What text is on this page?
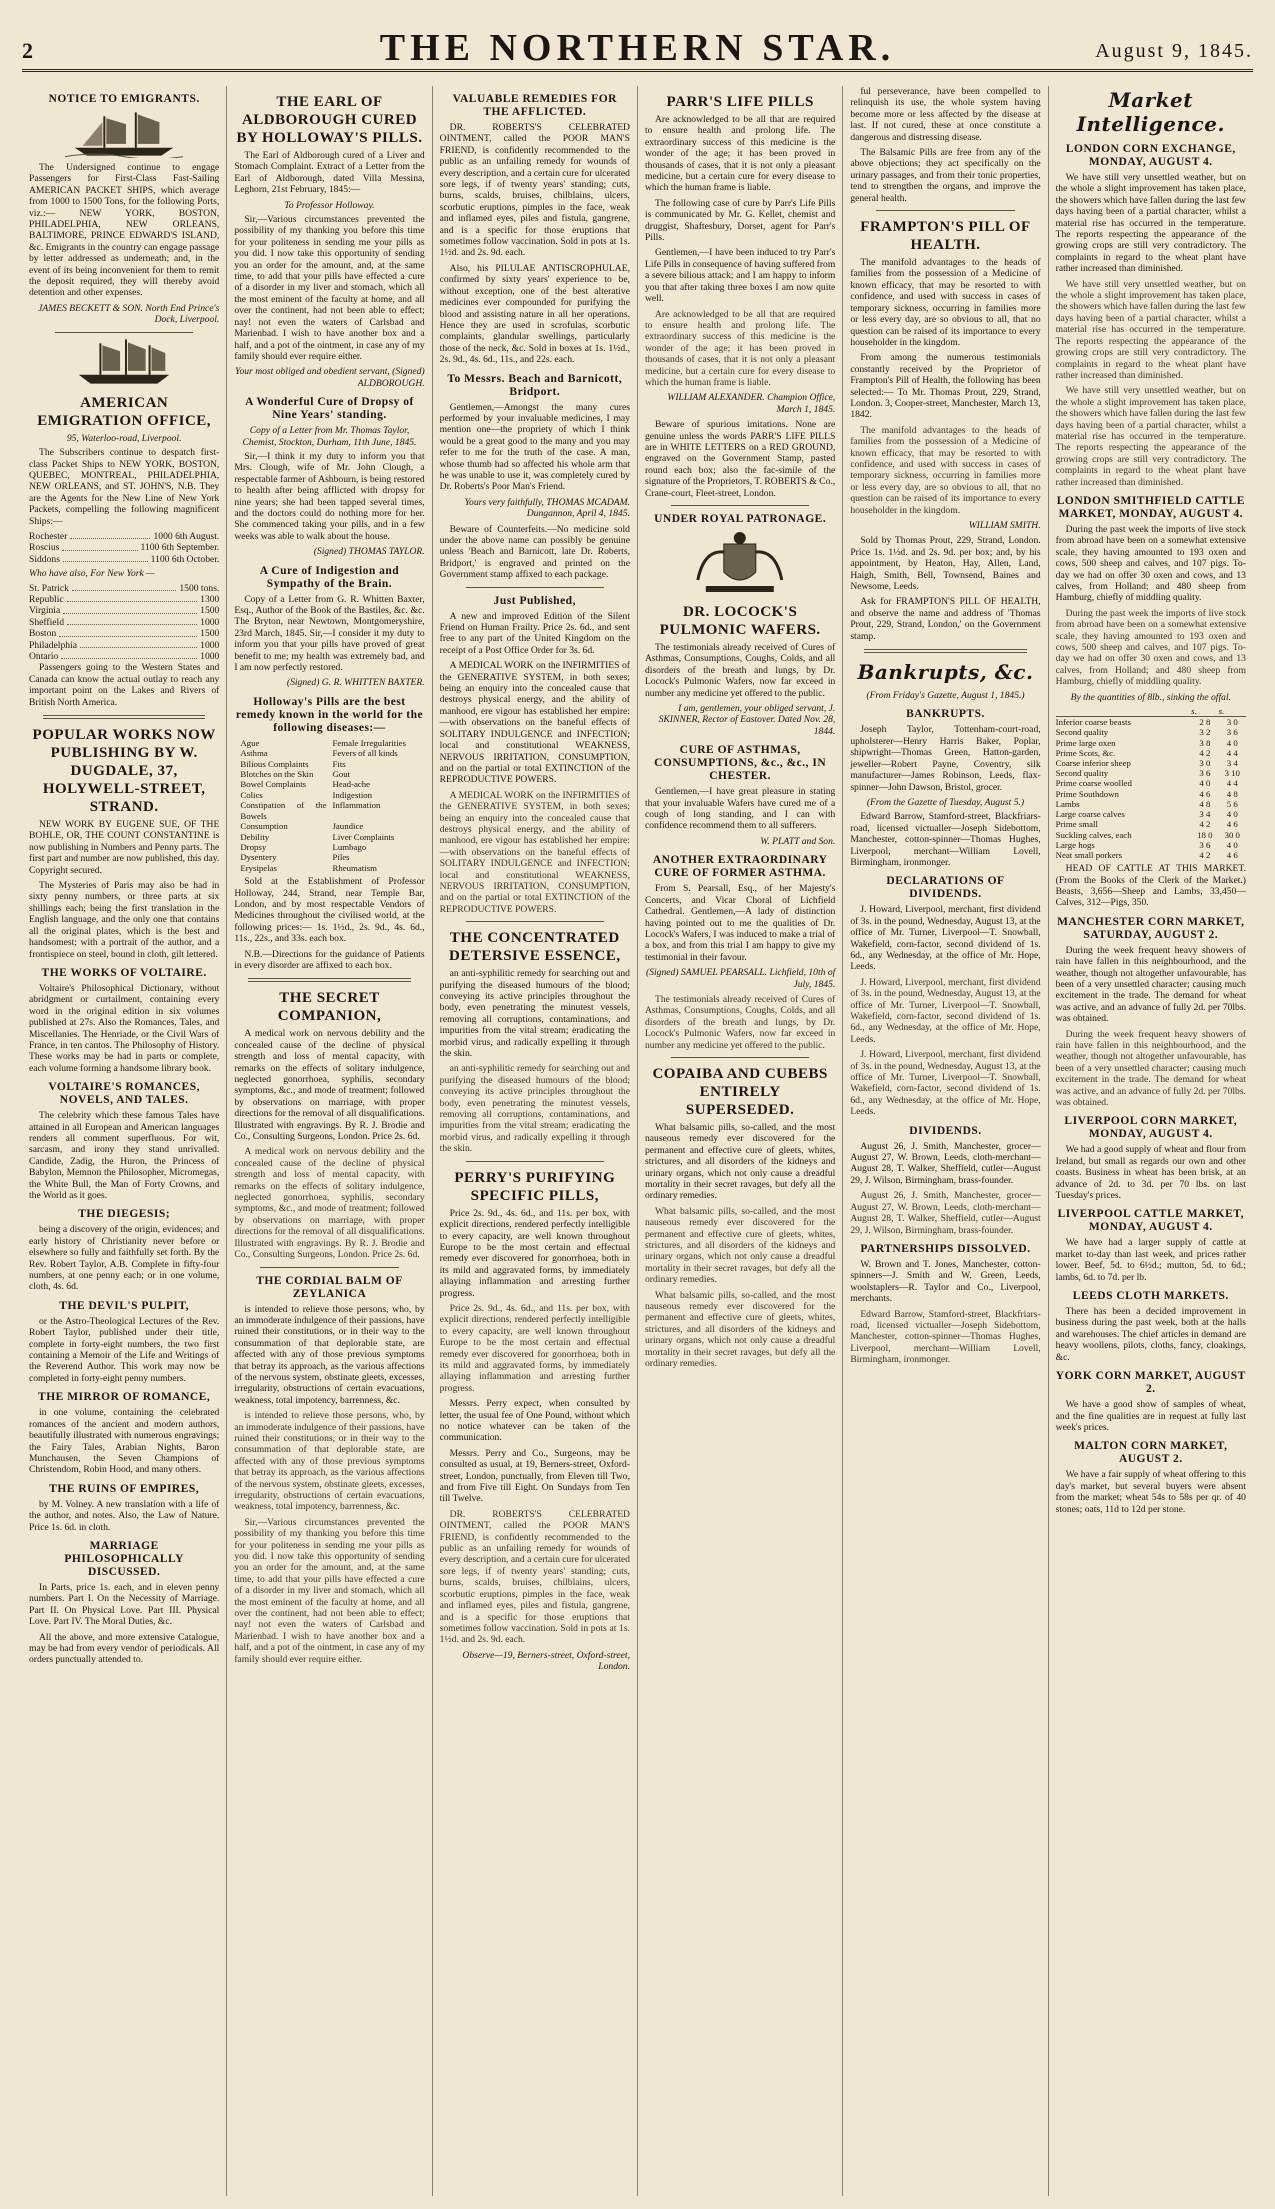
2	THE NORTHERN STAR.	August 9, 1845.
NOTICE TO EMIGRANTS.

The Undersigned continue to engage Passengers for First-Class Fast-Sailing AMERICAN PACKET SHIPS, which average from 1000 to 1500 Tons, for the following Ports, viz.:— NEW YORK, BOSTON, PHILADELPHIA, NEW ORLEANS, BALTIMORE, PRINCE EDWARD'S ISLAND, &c. Emigrants in the country can engage passage by letter addressed as underneath; and, in the event of its being inconvenient for them to remit the deposit required, they will thereby avoid detention and other expenses.

JAMES BECKETT & SON. North End Prince's Dock, Liverpool.
AMERICAN EMIGRATION OFFICE,
95, Waterloo-road, Liverpool.

The Subscribers continue to despatch first-class Packet Ships to NEW YORK, BOSTON, QUEBEC, MONTREAL, PHILADELPHIA, NEW ORLEANS, and ST. JOHN'S, N.B. They are the Agents for the New Line of New York Packets, compelling the following magnificent Ships:—

Rochester	1000
6th August.
Roscius	1100
6th September.
Siddons	1100
6th October.
Who have also, For New York —
St. Patrick	1500 tons.
Republic	1300
Virginia	1500
Sheffield	1000
Boston	1500
Philadelphia	1000
Ontario	1000

Passengers going to the Western States and Canada can know the actual outlay to reach any important point on the Lakes and Rivers of British North America.

POPULAR WORKS NOW PUBLISHING BY W. DUGDALE, 37, HOLYWELL-STREET, STRAND.

NEW WORK BY EUGENE SUE, OF THE BOHLE, OR, THE COUNT CONSTANTINE is now publishing in Numbers and Penny parts. The first part and number are now published, this day. Copyright secured.

The Mysteries of Paris may also be had in sixty penny numbers, or three parts at six shillings each; being the first translation in the English language, and the only one that contains all the original plates, which is the best and handsomest; with a portrait of the author, and a frontispiece on steel, bound in cloth, gilt lettered.

THE WORKS OF VOLTAIRE.

Voltaire's Philosophical Dictionary, without abridgment or curtailment, containing every word in the original edition in six volumes published at 27s. Also the Romances, Tales, and Miscellanies. The Henriade, or the Civil Wars of France, in ten cantos. The Philosophy of History. These works may be had in parts or complete, each volume forming a handsome library book.

VOLTAIRE'S ROMANCES, NOVELS, AND TALES.

The celebrity which these famous Tales have attained in all European and American languages renders all comment superfluous. For wit, sarcasm, and irony they stand unrivalled. Candide, Zadig, the Huron, the Princess of Babylon, Memnon the Philosopher, Micromegas, the White Bull, the Man of Forty Crowns, and the World as it goes.

THE DIEGESIS;

being a discovery of the origin, evidences, and early history of Christianity never before or elsewhere so fully and faithfully set forth. By the Rev. Robert Taylor, A.B. Complete in fifty-four numbers, at one penny each; or in one volume, cloth, 4s. 6d.

THE DEVIL'S PULPIT,

or the Astro-Theological Lectures of the Rev. Robert Taylor, published under their title, complete in forty-eight numbers, the two first containing a Memoir of the Life and Writings of the Reverend Author. This work may now be completed in forty-eight penny numbers.

THE MIRROR OF ROMANCE,

in one volume, containing the celebrated romances of the ancient and modern authors, beautifully illustrated with numerous engravings; the Fairy Tales, Arabian Nights, Baron Munchausen, the Seven Champions of Christendom, Robin Hood, and many others.

THE RUINS OF EMPIRES,

by M. Volney. A new translation with a life of the author, and notes. Also, the Law of Nature. Price 1s. 6d. in cloth.

MARRIAGE PHILOSOPHICALLY DISCUSSED.

In Parts, price 1s. each, and in eleven penny numbers. Part I. On the Necessity of Marriage. Part II. On Physical Love. Part III. Physical Love. Part IV. The Moral Duties, &c.

All the above, and more extensive Catalogue, may be had from every vendor of periodicals. All orders punctually attended to.

THE EARL OF ALDBOROUGH CURED BY HOLLOWAY'S PILLS.

The Earl of Aldborough cured of a Liver and Stomach Complaint. Extract of a Letter from the Earl of Aldborough, dated Villa Messina, Leghorn, 21st February, 1845:—

To Professor Holloway.

Sir,—Various circumstances prevented the possibility of my thanking you before this time for your politeness in sending me your pills as you did. I now take this opportunity of sending you an order for the amount, and, at the same time, to add that your pills have effected a cure of a disorder in my liver and stomach, which all the most eminent of the faculty at home, and all over the continent, had not been able to effect; nay! not even the waters of Carlsbad and Marienbad. I wish to have another box and a half, and a pot of the ointment, in case any of my family should ever require either.

Your most obliged and obedient servant, (Signed) ALDBOROUGH.
A Wonderful Cure of Dropsy of Nine Years' standing.
Copy of a Letter from Mr. Thomas Taylor, Chemist, Stockton, Durham, 11th June, 1845.

Sir,—I think it my duty to inform you that Mrs. Clough, wife of Mr. John Clough, a respectable farmer of Ashbourn, is being restored to health after being afflicted with dropsy for nine years; she had been tapped several times, and the doctors could do nothing more for her. She commenced taking your pills, and in a few weeks was able to walk about the house.

(Signed) THOMAS TAYLOR.
A Cure of Indigestion and Sympathy of the Brain.

Copy of a Letter from G. R. Whitten Baxter, Esq., Author of the Book of the Bastiles, &c. &c. The Bryton, near Newtown, Montgomeryshire, 23rd March, 1845. Sir,—I consider it my duty to inform you that your pills have proved of great benefit to me; my health was extremely bad, and I am now perfectly restored.

(Signed) G. R. WHITTEN BAXTER.
Holloway's Pills are the best remedy known in the world for the following diseases:—
Ague	Female Irregularities
Asthma	Fevers of all kinds
Bilious Complaints	Fits
Blotches on the Skin	Gout
Bowel Complaints	Head-ache
Colics	Indigestion
Constipation of the Bowels
Inflammation
Consumption	Jaundice
Debility	Liver Complaints
Dropsy	Lumbago
Dysentery	Piles
Erysipelas	Rheumatism

Sold at the Establishment of Professor Holloway, 244, Strand, near Temple Bar, London, and by most respectable Vendors of Medicines throughout the civilised world, at the following prices:— 1s. 1½d., 2s. 9d., 4s. 6d., 11s., 22s., and 33s. each box.

N.B.—Directions for the guidance of Patients in every disorder are affixed to each box.

THE SECRET COMPANION,

A medical work on nervous debility and the concealed cause of the decline of physical strength and loss of mental capacity, with remarks on the effects of solitary indulgence, neglected gonorrhoea, syphilis, secondary symptoms, &c., and mode of treatment; followed by observations on marriage, with proper directions for the removal of all disqualifications. Illustrated with engravings. By R. J. Brodie and Co., Consulting Surgeons, London. Price 2s. 6d.

A medical work on nervous debility and the concealed cause of the decline of physical strength and loss of mental capacity, with remarks on the effects of solitary indulgence, neglected gonorrhoea, syphilis, secondary symptoms, &c., and mode of treatment; followed by observations on marriage, with proper directions for the removal of all disqualifications. Illustrated with engravings. By R. J. Brodie and Co., Consulting Surgeons, London. Price 2s. 6d.

THE CORDIAL BALM OF ZEYLANICA

is intended to relieve those persons, who, by an immoderate indulgence of their passions, have ruined their constitutions, or in their way to the consummation of that deplorable state, are affected with any of those previous symptoms that betray its approach, as the various affections of the nervous system, obstinate gleets, excesses, irregularity, obstructions of certain evacuations, weakness, total impotency, barrenness, &c.

is intended to relieve those persons, who, by an immoderate indulgence of their passions, have ruined their constitutions, or in their way to the consummation of that deplorable state, are affected with any of those previous symptoms that betray its approach, as the various affections of the nervous system, obstinate gleets, excesses, irregularity, obstructions of certain evacuations, weakness, total impotency, barrenness, &c.

Sir,—Various circumstances prevented the possibility of my thanking you before this time for your politeness in sending me your pills as you did. I now take this opportunity of sending you an order for the amount, and, at the same time, to add that your pills have effected a cure of a disorder in my liver and stomach, which all the most eminent of the faculty at home, and all over the continent, had not been able to effect; nay! not even the waters of Carlsbad and Marienbad. I wish to have another box and a half, and a pot of the ointment, in case any of my family should ever require either.

VALUABLE REMEDIES FOR THE AFFLICTED.

DR. ROBERTS'S CELEBRATED OINTMENT, called the POOR MAN'S FRIEND, is confidently recommended to the public as an unfailing remedy for wounds of every description, and a certain cure for ulcerated sore legs, if of twenty years' standing; cuts, burns, scalds, bruises, chilblains, ulcers, scorbutic eruptions, pimples in the face, weak and inflamed eyes, piles and fistula, gangrene, and is a specific for those eruptions that sometimes follow vaccination. Sold in pots at 1s. 1½d. and 2s. 9d. each.

Also, his PILULAE ANTISCROPHULAE, confirmed by sixty years' experience to be, without exception, one of the best alterative medicines ever compounded for purifying the blood and assisting nature in all her operations. Hence they are used in scrofulas, scorbutic complaints, glandular swellings, particularly those of the neck, &c. Sold in boxes at 1s. 1½d., 2s. 9d., 4s. 6d., 11s., and 22s. each.

To Messrs. Beach and Barnicott, Bridport.

Gentlemen,—Amongst the many cures performed by your invaluable medicines, I may mention one—the propriety of which I think would be a great good to the many and you may refer to me for the truth of the case. A man, whose thumb had so affected his whole arm that he was unable to use it, was completely cured by Dr. Roberts's Poor Man's Friend.

Yours very faithfully, THOMAS MCADAM. Dungannon, April 4, 1845.

Beware of Counterfeits.—No medicine sold under the above name can possibly be genuine unless 'Beach and Barnicott, late Dr. Roberts, Bridport,' is engraved and printed on the Government stamp affixed to each package.

Just Published,

A new and improved Edition of the Silent Friend on Human Frailty. Price 2s. 6d., and sent free to any part of the United Kingdom on the receipt of a Post Office Order for 3s. 6d.

A MEDICAL WORK on the INFIRMITIES of the GENERATIVE SYSTEM, in both sexes; being an enquiry into the concealed cause that destroys physical energy, and the ability of manhood, ere vigour has established her empire:—with observations on the baneful effects of SOLITARY INDULGENCE and INFECTION; local and constitutional WEAKNESS, NERVOUS IRRITATION, CONSUMPTION, and on the partial or total EXTINCTION of the REPRODUCTIVE POWERS.

A MEDICAL WORK on the INFIRMITIES of the GENERATIVE SYSTEM, in both sexes; being an enquiry into the concealed cause that destroys physical energy, and the ability of manhood, ere vigour has established her empire:—with observations on the baneful effects of SOLITARY INDULGENCE and INFECTION; local and constitutional WEAKNESS, NERVOUS IRRITATION, CONSUMPTION, and on the partial or total EXTINCTION of the REPRODUCTIVE POWERS.

THE CONCENTRATED DETERSIVE ESSENCE,

an anti-syphilitic remedy for searching out and purifying the diseased humours of the blood; conveying its active principles throughout the body, even penetrating the minutest vessels, removing all corruptions, contaminations, and impurities from the vital stream; eradicating the morbid virus, and radically expelling it through the skin.

an anti-syphilitic remedy for searching out and purifying the diseased humours of the blood; conveying its active principles throughout the body, even penetrating the minutest vessels, removing all corruptions, contaminations, and impurities from the vital stream; eradicating the morbid virus, and radically expelling it through the skin.

PERRY'S PURIFYING SPECIFIC PILLS,

Price 2s. 9d., 4s. 6d., and 11s. per box, with explicit directions, rendered perfectly intelligible to every capacity, are well known throughout Europe to be the most certain and effectual remedy ever discovered for gonorrhoea, both in its mild and aggravated forms, by immediately allaying inflammation and arresting further progress.

Price 2s. 9d., 4s. 6d., and 11s. per box, with explicit directions, rendered perfectly intelligible to every capacity, are well known throughout Europe to be the most certain and effectual remedy ever discovered for gonorrhoea, both in its mild and aggravated forms, by immediately allaying inflammation and arresting further progress.

Messrs. Perry expect, when consulted by letter, the usual fee of One Pound, without which no notice whatever can be taken of the communication.

Messrs. Perry and Co., Surgeons, may be consulted as usual, at 19, Berners-street, Oxford-street, London, punctually, from Eleven till Two, and from Five till Eight. On Sundays from Ten till Twelve.

DR. ROBERTS'S CELEBRATED OINTMENT, called the POOR MAN'S FRIEND, is confidently recommended to the public as an unfailing remedy for wounds of every description, and a certain cure for ulcerated sore legs, if of twenty years' standing; cuts, burns, scalds, bruises, chilblains, ulcers, scorbutic eruptions, pimples in the face, weak and inflamed eyes, piles and fistula, gangrene, and is a specific for those eruptions that sometimes follow vaccination. Sold in pots at 1s. 1½d. and 2s. 9d. each.

Observe—19, Berners-street, Oxford-street, London.
PARR'S LIFE PILLS

Are acknowledged to be all that are required to ensure health and prolong life. The extraordinary success of this medicine is the wonder of the age; it has been proved in thousands of cases, that it is not only a pleasant medicine, but a certain cure for every disease to which the human frame is liable.

The following case of cure by Parr's Life Pills is communicated by Mr. G. Kellet, chemist and druggist, Shaftesbury, Dorset, agent for Parr's Pills.

Gentlemen,—I have been induced to try Parr's Life Pills in consequence of having suffered from a severe bilious attack; and I am happy to inform you that after taking three boxes I am now quite well.

Are acknowledged to be all that are required to ensure health and prolong life. The extraordinary success of this medicine is the wonder of the age; it has been proved in thousands of cases, that it is not only a pleasant medicine, but a certain cure for every disease to which the human frame is liable.

WILLIAM ALEXANDER. Champion Office, March 1, 1845.

Beware of spurious imitations. None are genuine unless the words PARR'S LIFE PILLS are in WHITE LETTERS on a RED GROUND, engraved on the Government Stamp, pasted round each box; also the fac-simile of the signature of the Proprietors, T. ROBERTS & Co., Crane-court, Fleet-street, London.

UNDER ROYAL PATRONAGE.
DR. LOCOCK'S PULMONIC WAFERS.

The testimonials already received of Cures of Asthmas, Consumptions, Coughs, Colds, and all disorders of the breath and lungs, by Dr. Locock's Pulmonic Wafers, now far exceed in number any medicine yet offered to the public.

I am, gentlemen, your obliged servant, J. SKINNER, Rector of Eastover. Dated Nov. 28, 1844.
CURE OF ASTHMAS, CONSUMPTIONS, &c., &c., IN CHESTER.

Gentlemen,—I have great pleasure in stating that your invaluable Wafers have cured me of a cough of long standing, and I can with confidence recommend them to all sufferers.

W. PLATT and Son.
ANOTHER EXTRAORDINARY CURE OF FORMER ASTHMA.

From S. Pearsall, Esq., of her Majesty's Concerts, and Vicar Choral of Lichfield Cathedral. Gentlemen,—A lady of distinction having pointed out to me the qualities of Dr. Locock's Wafers, I was induced to make a trial of a box, and from this trial I am happy to give my testimonial in their favour.

(Signed) SAMUEL PEARSALL. Lichfield, 10th of July, 1845.

The testimonials already received of Cures of Asthmas, Consumptions, Coughs, Colds, and all disorders of the breath and lungs, by Dr. Locock's Pulmonic Wafers, now far exceed in number any medicine yet offered to the public.

COPAIBA AND CUBEBS ENTIRELY SUPERSEDED.

What balsamic pills, so-called, and the most nauseous remedy ever discovered for the permanent and effective cure of gleets, whites, strictures, and all disorders of the kidneys and urinary organs, which not only cause a dreadful mortality in their secret ravages, but defy all the ordinary remedies.

What balsamic pills, so-called, and the most nauseous remedy ever discovered for the permanent and effective cure of gleets, whites, strictures, and all disorders of the kidneys and urinary organs, which not only cause a dreadful mortality in their secret ravages, but defy all the ordinary remedies.

What balsamic pills, so-called, and the most nauseous remedy ever discovered for the permanent and effective cure of gleets, whites, strictures, and all disorders of the kidneys and urinary organs, which not only cause a dreadful mortality in their secret ravages, but defy all the ordinary remedies.

ful perseverance, have been compelled to relinquish its use, the whole system having become more or less affected by the disease at last. If not cured, these at once constitute a dangerous and distressing disease.

The Balsamic Pills are free from any of the above objections; they act specifically on the urinary passages, and from their tonic properties, tend to strengthen the organs, and improve the general health.

FRAMPTON'S PILL OF HEALTH.

The manifold advantages to the heads of families from the possession of a Medicine of known efficacy, that may be resorted to with confidence, and used with success in cases of temporary sickness, occurring in families more or less every day, are so obvious to all, that no question can be raised of its importance to every householder in the kingdom.

From among the numerous testimonials constantly received by the Proprietor of Frampton's Pill of Health, the following has been selected:— To Mr. Thomas Prout, 229, Strand, London. 3, Cooper-street, Manchester, March 13, 1842.

The manifold advantages to the heads of families from the possession of a Medicine of known efficacy, that may be resorted to with confidence, and used with success in cases of temporary sickness, occurring in families more or less every day, are so obvious to all, that no question can be raised of its importance to every householder in the kingdom.

WILLIAM SMITH.

Sold by Thomas Prout, 229, Strand, London. Price 1s. 1½d. and 2s. 9d. per box; and, by his appointment, by Heaton, Hay, Allen, Land, Haigh, Smith, Bell, Townsend, Baines and Newsome, Leeds.

Ask for FRAMPTON'S PILL OF HEALTH, and observe the name and address of 'Thomas Prout, 229, Strand, London,' on the Government stamp.

Bankrupts, &c.
(From Friday's Gazette, August 1, 1845.)
BANKRUPTS.

Joseph Taylor, Tottenham-court-road, upholsterer—Henry Harris Baker, Poplar, shipwright—Thomas Green, Hatton-garden, jeweller—Robert Payne, Coventry, silk manufacturer—James Robinson, Leeds, flax-spinner—John Dawson, Bristol, grocer.

(From the Gazette of Tuesday, August 5.)

Edward Barrow, Stamford-street, Blackfriars-road, licensed victualler—Joseph Sidebottom, Manchester, cotton-spinner—Thomas Hughes, Liverpool, merchant—William Lovell, Birmingham, ironmonger.

DECLARATIONS OF DIVIDENDS.

J. Howard, Liverpool, merchant, first dividend of 3s. in the pound, Wednesday, August 13, at the office of Mr. Turner, Liverpool—T. Snowball, Wakefield, corn-factor, second dividend of 1s. 6d., any Wednesday, at the office of Mr. Hope, Leeds.

J. Howard, Liverpool, merchant, first dividend of 3s. in the pound, Wednesday, August 13, at the office of Mr. Turner, Liverpool—T. Snowball, Wakefield, corn-factor, second dividend of 1s. 6d., any Wednesday, at the office of Mr. Hope, Leeds.

J. Howard, Liverpool, merchant, first dividend of 3s. in the pound, Wednesday, August 13, at the office of Mr. Turner, Liverpool—T. Snowball, Wakefield, corn-factor, second dividend of 1s. 6d., any Wednesday, at the office of Mr. Hope, Leeds.

DIVIDENDS.

August 26, J. Smith, Manchester, grocer—August 27, W. Brown, Leeds, cloth-merchant—August 28, T. Walker, Sheffield, cutler—August 29, J. Wilson, Birmingham, brass-founder.

August 26, J. Smith, Manchester, grocer—August 27, W. Brown, Leeds, cloth-merchant—August 28, T. Walker, Sheffield, cutler—August 29, J. Wilson, Birmingham, brass-founder.

PARTNERSHIPS DISSOLVED.

W. Brown and T. Jones, Manchester, cotton-spinners—J. Smith and W. Green, Leeds, woolstaplers—R. Taylor and Co., Liverpool, merchants.

Edward Barrow, Stamford-street, Blackfriars-road, licensed victualler—Joseph Sidebottom, Manchester, cotton-spinner—Thomas Hughes, Liverpool, merchant—William Lovell, Birmingham, ironmonger.

Market Intelligence.
LONDON CORN EXCHANGE, MONDAY, AUGUST 4.

We have still very unsettled weather, but on the whole a slight improvement has taken place, the showers which have fallen during the last few days having been of a partial character, whilst a material rise has occurred in the temperature. The reports respecting the appearance of the growing crops are still very contradictory. The complaints in regard to the wheat plant have rather increased than diminished.

We have still very unsettled weather, but on the whole a slight improvement has taken place, the showers which have fallen during the last few days having been of a partial character, whilst a material rise has occurred in the temperature. The reports respecting the appearance of the growing crops are still very contradictory. The complaints in regard to the wheat plant have rather increased than diminished.

We have still very unsettled weather, but on the whole a slight improvement has taken place, the showers which have fallen during the last few days having been of a partial character, whilst a material rise has occurred in the temperature. The reports respecting the appearance of the growing crops are still very contradictory. The complaints in regard to the wheat plant have rather increased than diminished.

LONDON SMITHFIELD CATTLE MARKET, MONDAY, AUGUST 4.

During the past week the imports of live stock from abroad have been on a somewhat extensive scale, they having amounted to 193 oxen and cows, 500 sheep and calves, and 107 pigs. To-day we had on offer 30 oxen and cows, and 13 calves, from Holland; and 480 sheep from Hamburg, chiefly of middling quality.

During the past week the imports of live stock from abroad have been on a somewhat extensive scale, they having amounted to 193 oxen and cows, 500 sheep and calves, and 107 pigs. To-day we had on offer 30 oxen and cows, and 13 calves, from Holland; and 480 sheep from Hamburg, chiefly of middling quality.

By the quantities of 8lb., sinking the offal.
	s.	s.
Inferior coarse beasts	2 8	3 0
Second quality	3 2	3 6
Prime large oxen	3 8	4 0
Prime Scots, &c.	4 2	4 4
Coarse inferior sheep	3 0	3 4
Second quality	3 6	3 10
Prime coarse woolled	4 0	4 4
Prime Southdown	4 6	4 8
Lambs	4 8	5 6
Large coarse calves	3 4	4 0
Prime small	4 2	4 6
Suckling calves, each	18 0	30 0
Large hogs	3 6	4 0
Neat small porkers	4 2	4 6

HEAD OF CATTLE AT THIS MARKET. (From the Books of the Clerk of the Market.) Beasts, 3,656—Sheep and Lambs, 33,450—Calves, 312—Pigs, 350.

MANCHESTER CORN MARKET, SATURDAY, AUGUST 2.

During the week frequent heavy showers of rain have fallen in this neighbourhood, and the weather, though not altogether unfavourable, has been of a very unsettled character; causing much excitement in the trade. The demand for wheat was active, and an advance of fully 2d. per 70lbs. was obtained.

During the week frequent heavy showers of rain have fallen in this neighbourhood, and the weather, though not altogether unfavourable, has been of a very unsettled character; causing much excitement in the trade. The demand for wheat was active, and an advance of fully 2d. per 70lbs. was obtained.

LIVERPOOL CORN MARKET, MONDAY, AUGUST 4.

We had a good supply of wheat and flour from Ireland, but small as regards our own and other coasts. Business in wheat has been brisk, at an advance of 2d. to 3d. per 70 lbs. on last Tuesday's prices.

LIVERPOOL CATTLE MARKET, MONDAY, AUGUST 4.

We have had a larger supply of cattle at market to-day than last week, and prices rather lower. Beef, 5d. to 6½d.; mutton, 5d. to 6d.; lambs, 6d. to 7d. per lb.

LEEDS CLOTH MARKETS.

There has been a decided improvement in business during the past week, both at the halls and warehouses. The chief articles in demand are heavy woollens, pilots, cloths, fancy, cloakings, &c.

YORK CORN MARKET, AUGUST 2.

We have a good show of samples of wheat, and the fine qualities are in request at fully last week's prices.

MALTON CORN MARKET, AUGUST 2.

We have a fair supply of wheat offering to this day's market, but several buyers were absent from the market; wheat 54s to 58s per qr. of 40 stones; oats, 11d to 12d per stone.
